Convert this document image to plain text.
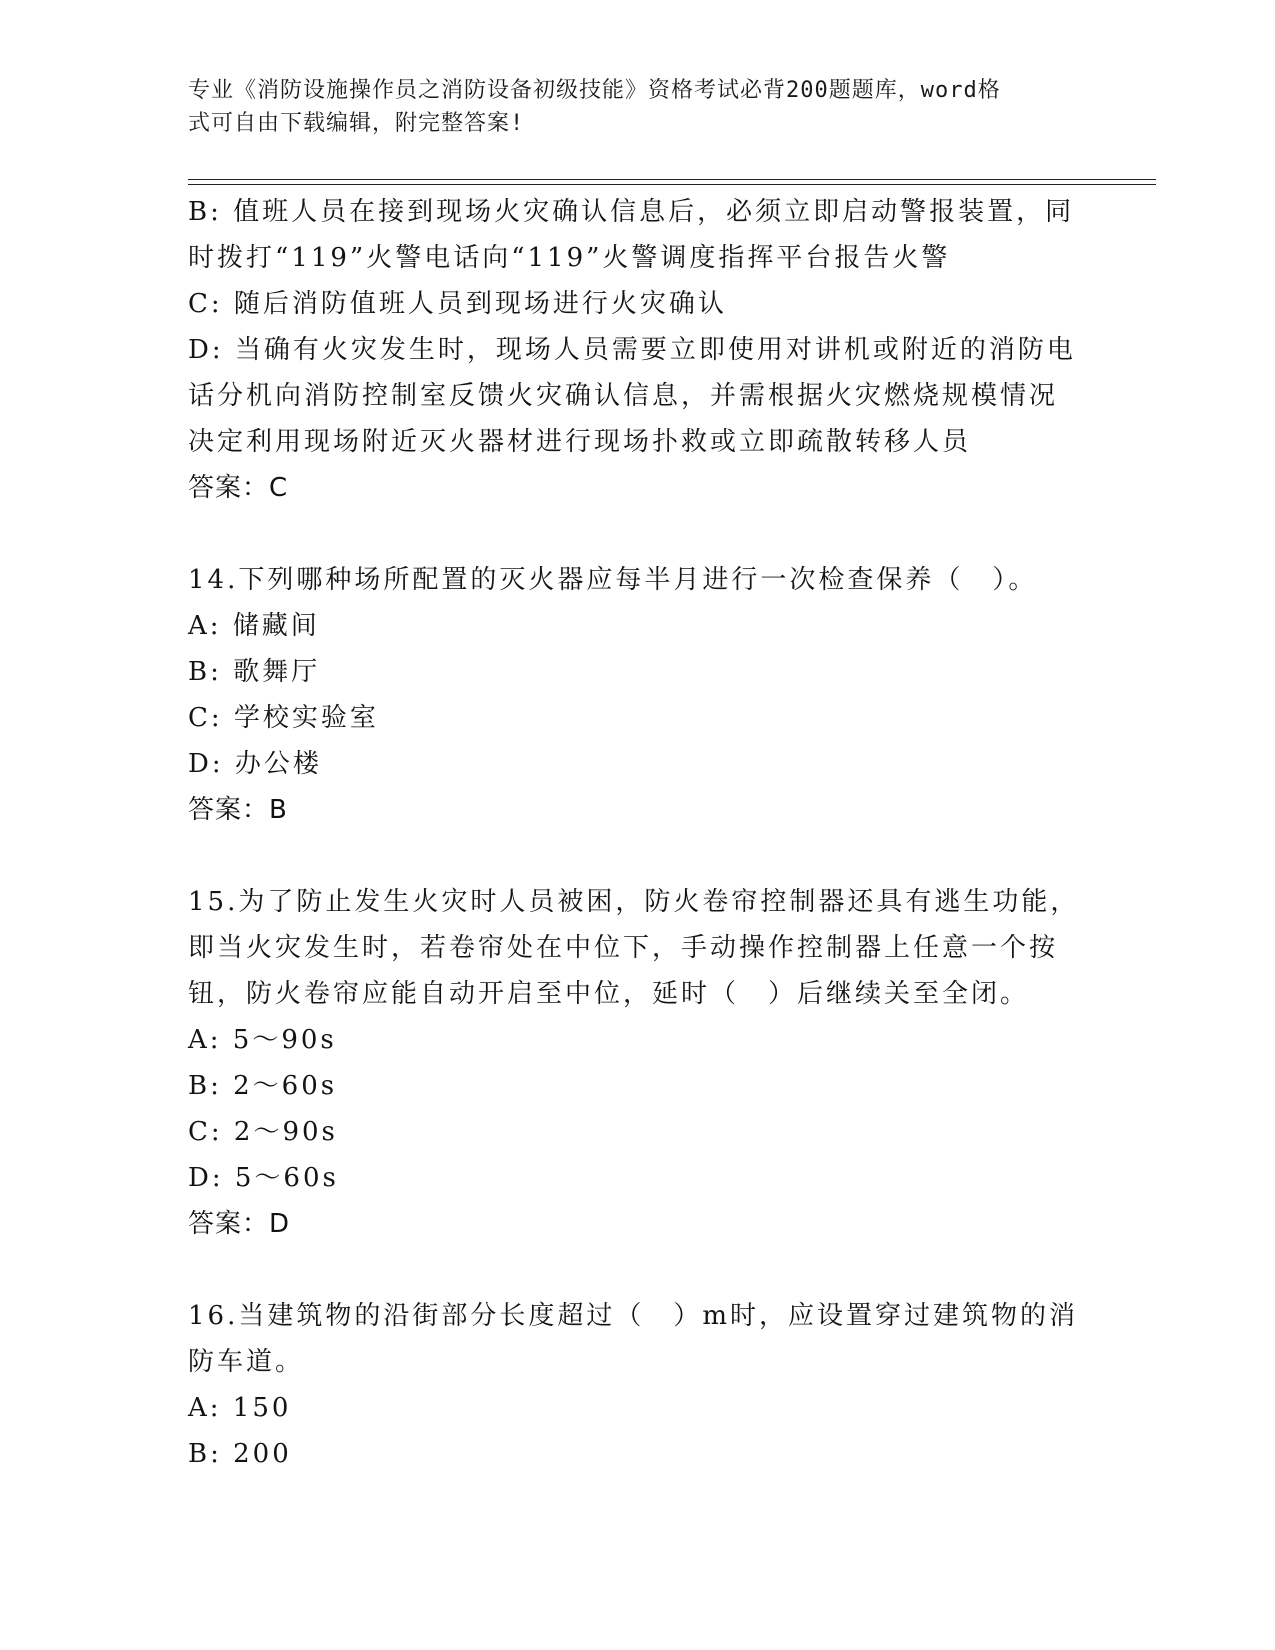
专业《消防设施操作员之消防设备初级技能》资格考试必背200题题库，word格
式可自由下载编辑，附完整答案!
B: 值班人员在接到现场火灾确认信息后，必须立即启动警报装置，同
时拨打“119”火警电话向“119”火警调度指挥平台报告火警
C: 随后消防值班人员到现场进行火灾确认
D: 当确有火灾发生时，现场人员需要立即使用对讲机或附近的消防电
话分机向消防控制室反馈火灾确认信息，并需根据火灾燃烧规模情况
决定利用现场附近灭火器材进行现场扑救或立即疏散转移人员
答案：C
14.下列哪种场所配置的灭火器应每半月进行一次检查保养（　）。
A: 储藏间
B: 歌舞厅
C: 学校实验室
D: 办公楼
答案：B
15.为了防止发生火灾时人员被困，防火卷帘控制器还具有逃生功能，
即当火灾发生时，若卷帘处在中位下，手动操作控制器上任意一个按
钮，防火卷帘应能自动开启至中位，延时（　）后继续关至全闭。
A: 5～90s
B: 2～60s
C: 2～90s
D: 5～60s
答案：D
16.当建筑物的沿街部分长度超过（　）m时，应设置穿过建筑物的消
防车道。
A: 150
B: 200
